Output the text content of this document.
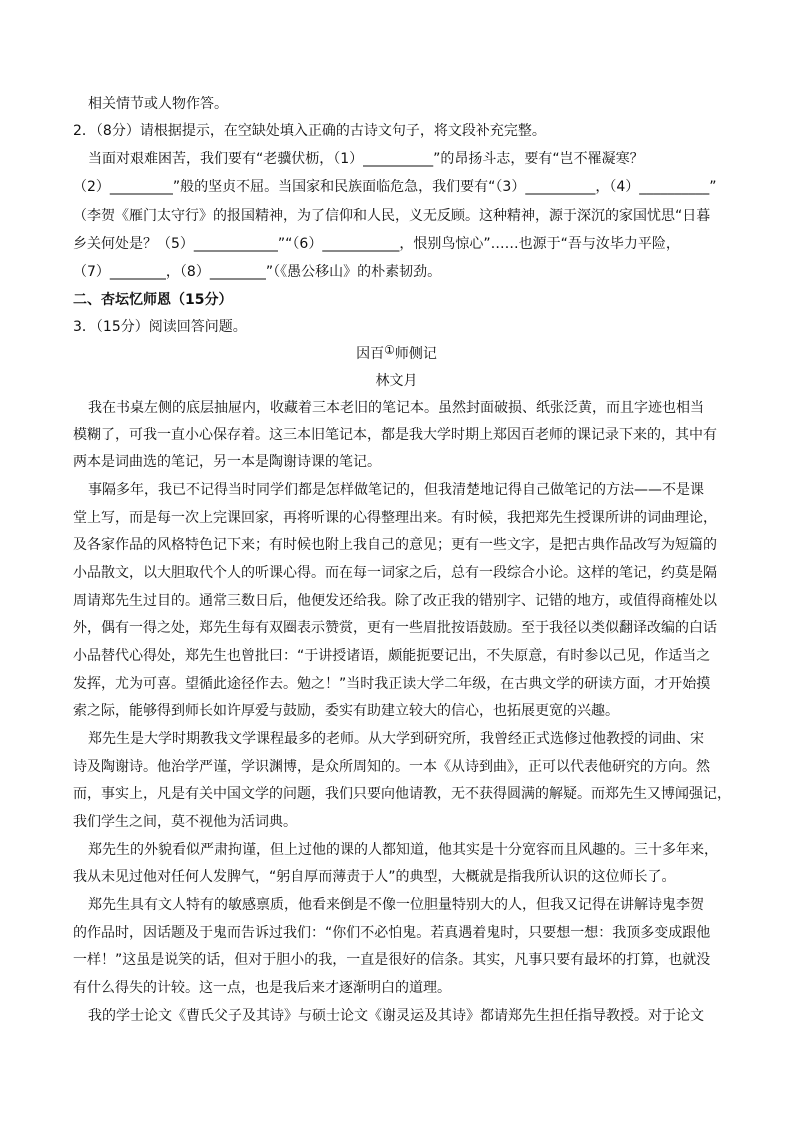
相关情节或人物作答。
2．（8分）请根据提示，在空缺处填入正确的古诗文句子，将文段补充完整。
当面对艰难困苦，我们要有“老骥伏枥，（1）__________”的昂扬斗志，要有“岂不罹凝寒？
（2）_________”般的坚贞不屈。当国家和民族面临危急，我们要有“（3）__________，（4）__________”
（李贺《雁门太守行》的报国精神，为了信仰和人民，义无反顾。这种精神，源于深沉的家国忧思“日暮
乡关何处是？（5）____________”“（6）___________，恨别鸟惊心”……也源于“吾与汝毕力平险，
（7）________，（8）________”（《愚公移山》的朴素韧劲。
二、杏坛忆师恩（15分）
3．（15分）阅读回答问题。
因百①师侧记
林文月
我在书桌左侧的底层抽屉内，收藏着三本老旧的笔记本。虽然封面破损、纸张泛黄，而且字迹也相当
模糊了，可我一直小心保存着。这三本旧笔记本，都是我大学时期上郑因百老师的课记录下来的，其中有
两本是词曲选的笔记，另一本是陶谢诗课的笔记。
事隔多年，我已不记得当时同学们都是怎样做笔记的，但我清楚地记得自己做笔记的方法——不是课
堂上写，而是每一次上完课回家，再将听课的心得整理出来。有时候，我把郑先生授课所讲的词曲理论，
及各家作品的风格特色记下来；有时候也附上我自己的意见；更有一些文字，是把古典作品改写为短篇的
小品散文，以大胆取代个人的听课心得。而在每一词家之后，总有一段综合小论。这样的笔记，约莫是隔
周请郑先生过目的。通常三数日后，他便发还给我。除了改正我的错别字、记错的地方，或值得商榷处以
外，偶有一得之处，郑先生每有双圈表示赞赏，更有一些眉批按语鼓励。至于我径以类似翻译改编的白话
小品替代心得处，郑先生也曾批曰：“于讲授诸语，颇能扼要记出，不失原意，有时参以己见，作适当之
发挥，尤为可喜。望循此途径作去。勉之！”当时我正读大学二年级，在古典文学的研读方面，才开始摸
索之际，能够得到师长如许厚爱与鼓励，委实有助建立较大的信心，也拓展更宽的兴趣。
郑先生是大学时期教我文学课程最多的老师。从大学到研究所，我曾经正式选修过他教授的词曲、宋
诗及陶谢诗。他治学严谨，学识渊博，是众所周知的。一本《从诗到曲》，正可以代表他研究的方向。然
而，事实上，凡是有关中国文学的问题，我们只要向他请教，无不获得圆满的解疑。而郑先生又博闻强记，
我们学生之间，莫不视他为活词典。
郑先生的外貌看似严肃拘谨，但上过他的课的人都知道，他其实是十分宽容而且风趣的。三十多年来，
我从未见过他对任何人发脾气，“躬自厚而薄责于人”的典型，大概就是指我所认识的这位师长了。
郑先生具有文人特有的敏感禀质，他看来倒是不像一位胆量特别大的人，但我又记得在讲解诗鬼李贺
的作品时，因话题及于鬼而告诉过我们：“你们不必怕鬼。若真遇着鬼时，只要想一想：我顶多变成跟他
一样！”这虽是说笑的话，但对于胆小的我，一直是很好的信条。其实，凡事只要有最坏的打算，也就没
有什么得失的计较。这一点，也是我后来才逐渐明白的道理。
我的学士论文《曹氏父子及其诗》与硕士论文《谢灵运及其诗》都请郑先生担任指导教授。对于论文
